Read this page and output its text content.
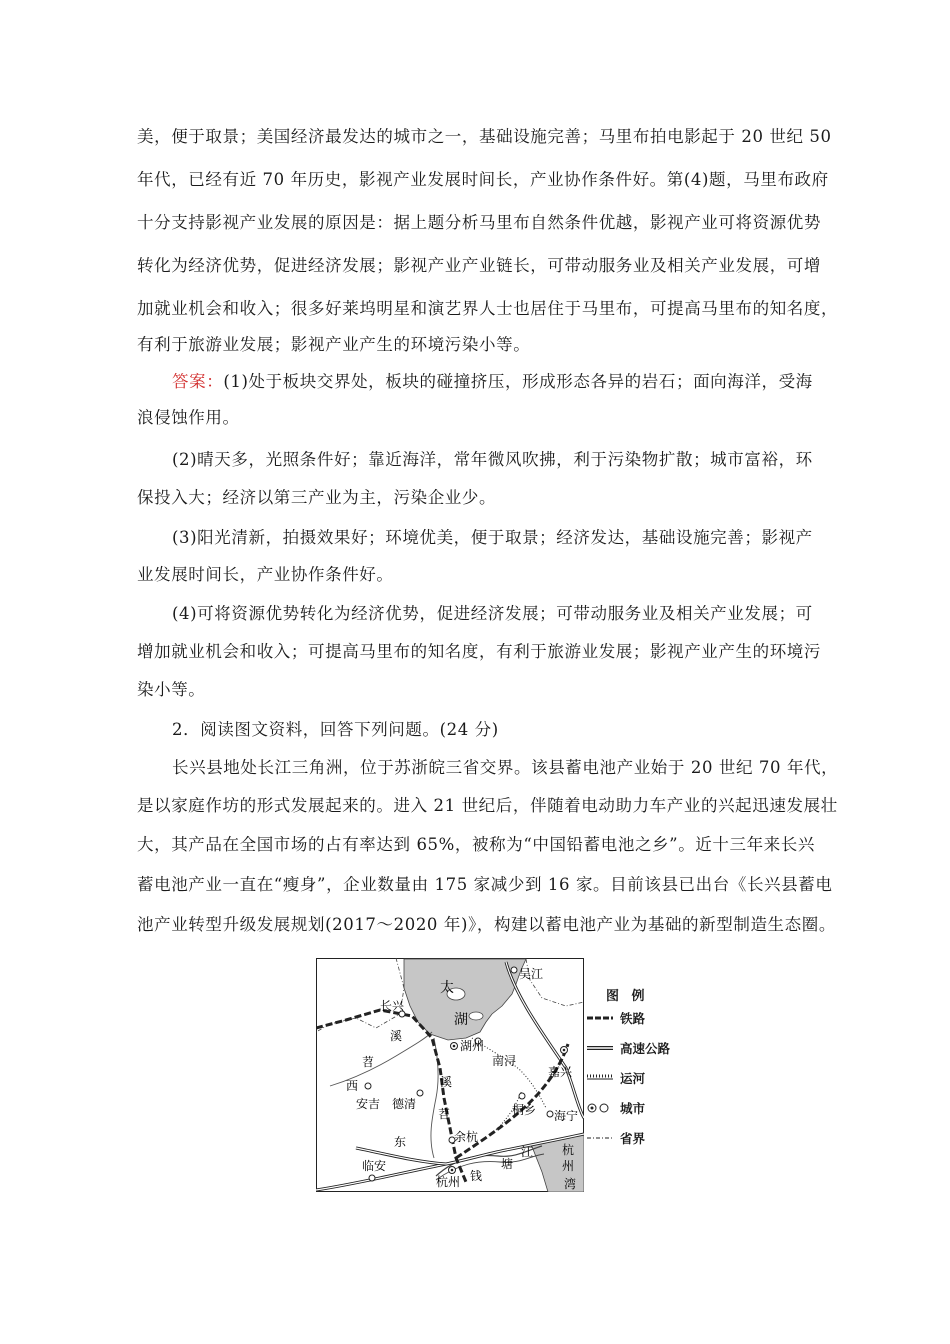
美，便于取景；美国经济最发达的城市之一，基础设施完善；马里布拍电影起于 20 世纪 50
年代，已经有近 70 年历史，影视产业发展时间长，产业协作条件好。第(4)题，马里布政府
十分支持影视产业发展的原因是：据上题分析马里布自然条件优越，影视产业可将资源优势
转化为经济优势，促进经济发展；影视产业产业链长，可带动服务业及相关产业发展，可增
加就业机会和收入；很多好莱坞明星和演艺界人士也居住于马里布，可提高马里布的知名度，
有利于旅游业发展；影视产业产生的环境污染小等。
答案：(1)处于板块交界处，板块的碰撞挤压，形成形态各异的岩石；面向海洋，受海
浪侵蚀作用。
(2)晴天多，光照条件好；靠近海洋，常年微风吹拂，利于污染物扩散；城市富裕，环
保投入大；经济以第三产业为主，污染企业少。
(3)阳光清新，拍摄效果好；环境优美，便于取景；经济发达，基础设施完善；影视产
业发展时间长，产业协作条件好。
(4)可将资源优势转化为经济优势，促进经济发展；可带动服务业及相关产业发展；可
增加就业机会和收入；可提高马里布的知名度，有利于旅游业发展；影视产业产生的环境污
染小等。
2．阅读图文资料，回答下列问题。(24 分)
长兴县地处长江三角洲，位于苏浙皖三省交界。该县蓄电池产业始于 20 世纪 70 年代，
是以家庭作坊的形式发展起来的。进入 21 世纪后，伴随着电动助力车产业的兴起迅速发展壮
大，其产品在全国市场的占有率达到 65%，被称为“中国铅蓄电池之乡”。近十三年来长兴
蓄电池产业一直在“瘦身”，企业数量由 175 家减少到 16 家。目前该县已出台《长兴县蓄电
池产业转型升级发展规划(2017～2020 年)》，构建以蓄电池产业为基础的新型制造生态圈。
太
湖
吴江
长兴
溪
湖州
南浔
嘉兴
苕
西
安吉 德清
溪
桐乡 海宁
苕
东	余杭
江
塘
杭
州
湾
临安
杭州 钱
图 例
铁路
高速公路
运河
城市
省界
